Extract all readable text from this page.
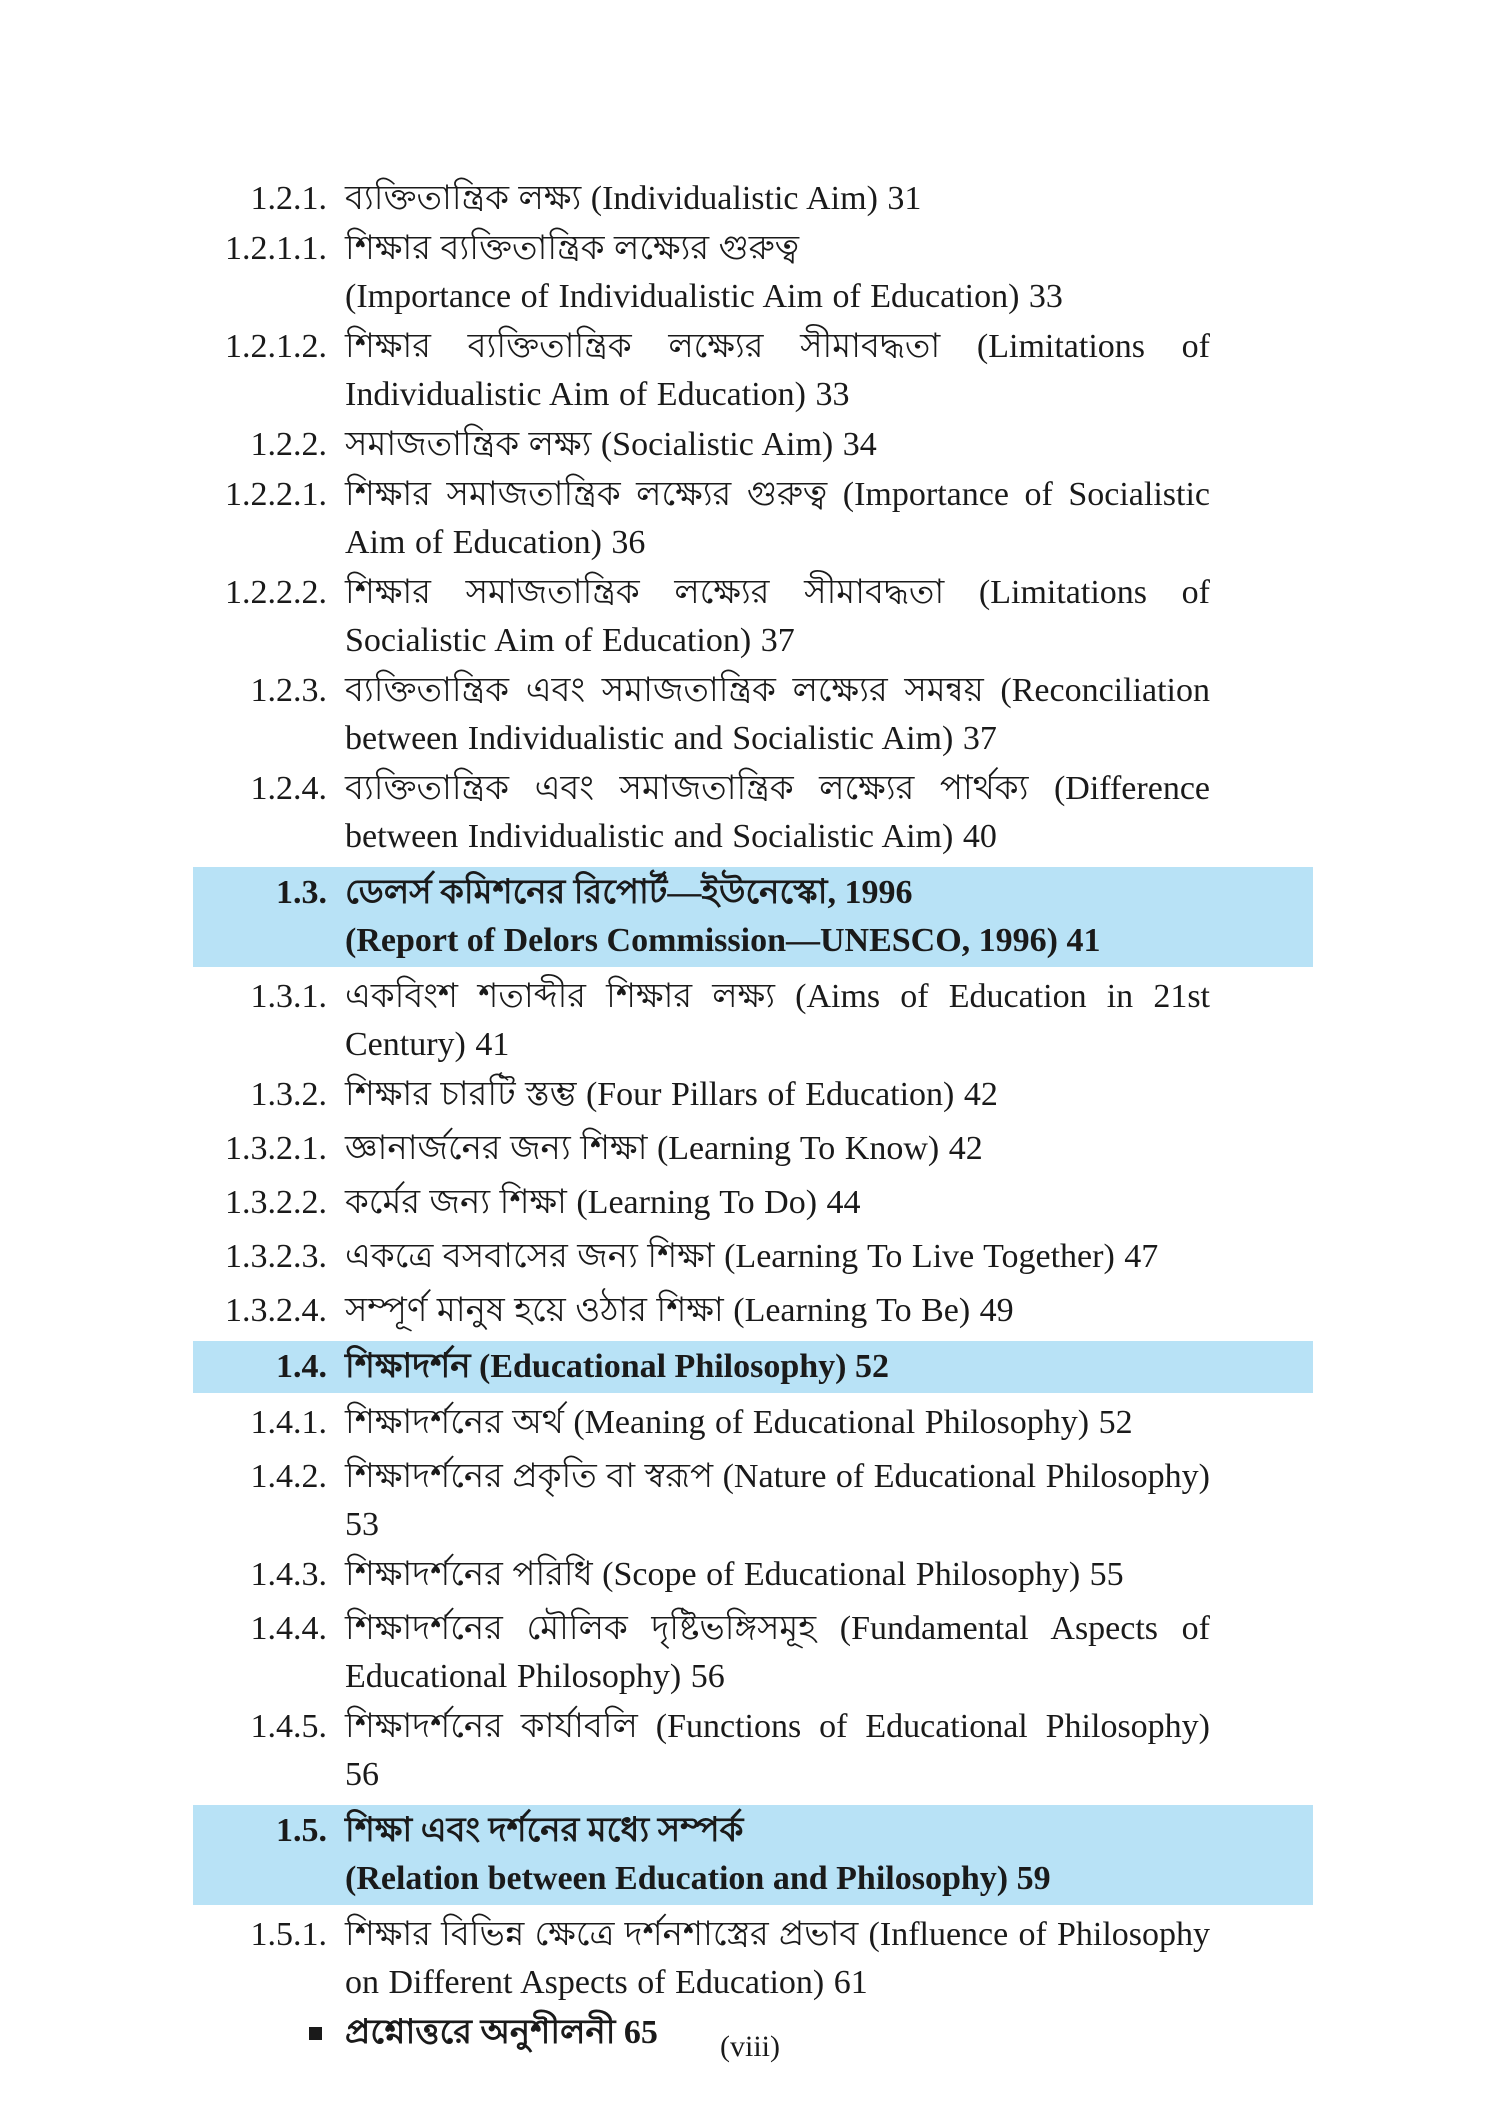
1.2.1. ব্যক্তিতান্ত্রিক লক্ষ্য (Individualistic Aim) 31
1.2.1.1. শিক্ষার ব্যক্তিতান্ত্রিক লক্ষ্যের গুরুত্ব
(Importance of Individualistic Aim of Education) 33
1.2.1.2. শিক্ষার ব্যক্তিতান্ত্রিক লক্ষ্যের সীমাবদ্ধতা (Limitations of Individualistic Aim of Education) 33
1.2.2. সমাজতান্ত্রিক লক্ষ্য (Socialistic Aim) 34
1.2.2.1. শিক্ষার সমাজতান্ত্রিক লক্ষ্যের গুরুত্ব (Importance of Socialistic Aim of Education) 36
1.2.2.2. শিক্ষার সমাজতান্ত্রিক লক্ষ্যের সীমাবদ্ধতা (Limitations of Socialistic Aim of Education) 37
1.2.3. ব্যক্তিতান্ত্রিক এবং সমাজতান্ত্রিক লক্ষ্যের সমন্বয় (Reconciliation between Individualistic and Socialistic Aim) 37
1.2.4. ব্যক্তিতান্ত্রিক এবং সমাজতান্ত্রিক লক্ষ্যের পার্থক্য (Difference between Individualistic and Socialistic Aim) 40
1.3. ডেলর্স কমিশনের রিপোর্ট—ইউনেস্কো, 1996
(Report of Delors Commission—UNESCO, 1996) 41
1.3.1. একবিংশ শতাব্দীর শিক্ষার লক্ষ্য (Aims of Education in 21st Century) 41
1.3.2. শিক্ষার চারটি স্তম্ভ (Four Pillars of Education) 42
1.3.2.1. জ্ঞানার্জনের জন্য শিক্ষা (Learning To Know) 42
1.3.2.2. কর্মের জন্য শিক্ষা (Learning To Do) 44
1.3.2.3. একত্রে বসবাসের জন্য শিক্ষা (Learning To Live Together) 47
1.3.2.4. সম্পূর্ণ মানুষ হয়ে ওঠার শিক্ষা (Learning To Be) 49
1.4. শিক্ষাদর্শন (Educational Philosophy) 52
1.4.1. শিক্ষাদর্শনের অর্থ (Meaning of Educational Philosophy) 52
1.4.2. শিক্ষাদর্শনের প্রকৃতি বা স্বরূপ (Nature of Educational Philosophy) 53
1.4.3. শিক্ষাদর্শনের পরিধি (Scope of Educational Philosophy) 55
1.4.4. শিক্ষাদর্শনের মৌলিক দৃষ্টিভঙ্গিসমূহ (Fundamental Aspects of Educational Philosophy) 56
1.4.5. শিক্ষাদর্শনের কার্যাবলি (Functions of Educational Philosophy) 56
1.5. শিক্ষা এবং দর্শনের মধ্যে সম্পর্ক
(Relation between Education and Philosophy) 59
1.5.1. শিক্ষার বিভিন্ন ক্ষেত্রে দর্শনশাস্ত্রের প্রভাব (Influence of Philosophy on Different Aspects of Education) 61
প্রশ্নোত্তরে অনুশীলনী 65	(viii)
